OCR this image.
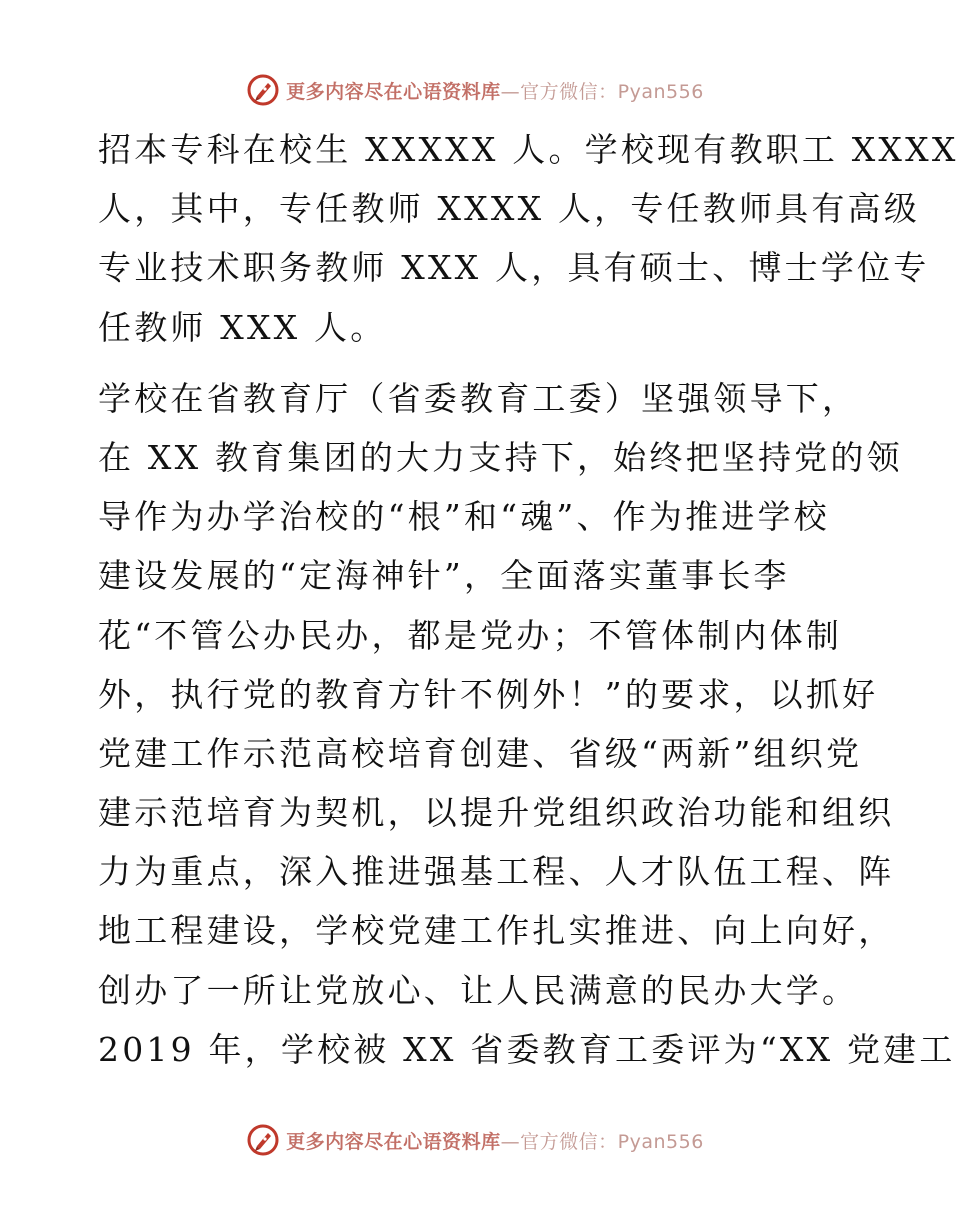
更多内容尽在心语资料库—官方微信：Pyan556
招本专科在校生 XXXXX 人。学校现有教职工 XXXX
人，其中，专任教师 XXXX 人，专任教师具有高级
专业技术职务教师 XXX 人，具有硕士、博士学位专
任教师 XXX 人。
学校在省教育厅（省委教育工委）坚强领导下，
在 XX 教育集团的大力支持下，始终把坚持党的领
导作为办学治校的“根”和“魂”、作为推进学校
建设发展的“定海神针”，全面落实董事长李
花“不管公办民办，都是党办；不管体制内体制
外，执行党的教育方针不例外！”的要求，以抓好
党建工作示范高校培育创建、省级“两新”组织党
建示范培育为契机，以提升党组织政治功能和组织
力为重点，深入推进强基工程、人才队伍工程、阵
地工程建设，学校党建工作扎实推进、向上向好，
创办了一所让党放心、让人民满意的民办大学。
2019 年，学校被 XX 省委教育工委评为“XX 党建工
更多内容尽在心语资料库—官方微信：Pyan556
